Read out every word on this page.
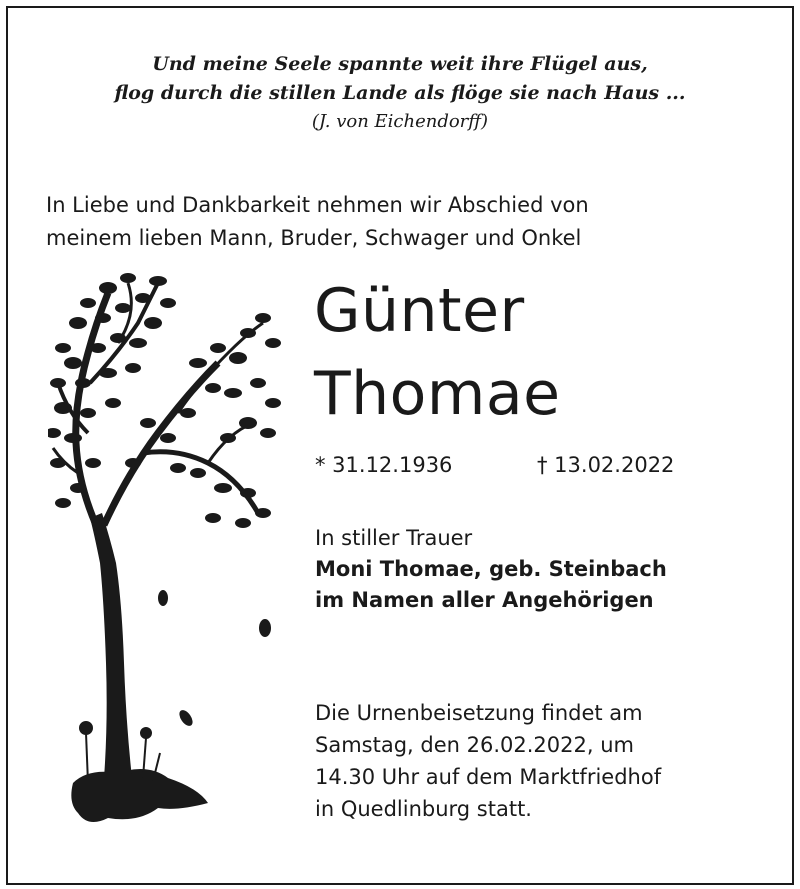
Und meine Seele spannte weit ihre Flügel aus,
flog durch die stillen Lande als flöge sie nach Haus ...
(J. von Eichendorff)
In Liebe und Dankbarkeit nehmen wir Abschied von
meinem lieben Mann, Bruder, Schwager und Onkel
Günter
Thomae
* 31.12.1936	† 13.02.2022
In stiller Trauer
Moni Thomae, geb. Steinbach
im Namen aller Angehörigen
Die Urnenbeisetzung findet am
Samstag, den 26.02.2022, um
14.30 Uhr auf dem Marktfriedhof
in Quedlinburg statt.
